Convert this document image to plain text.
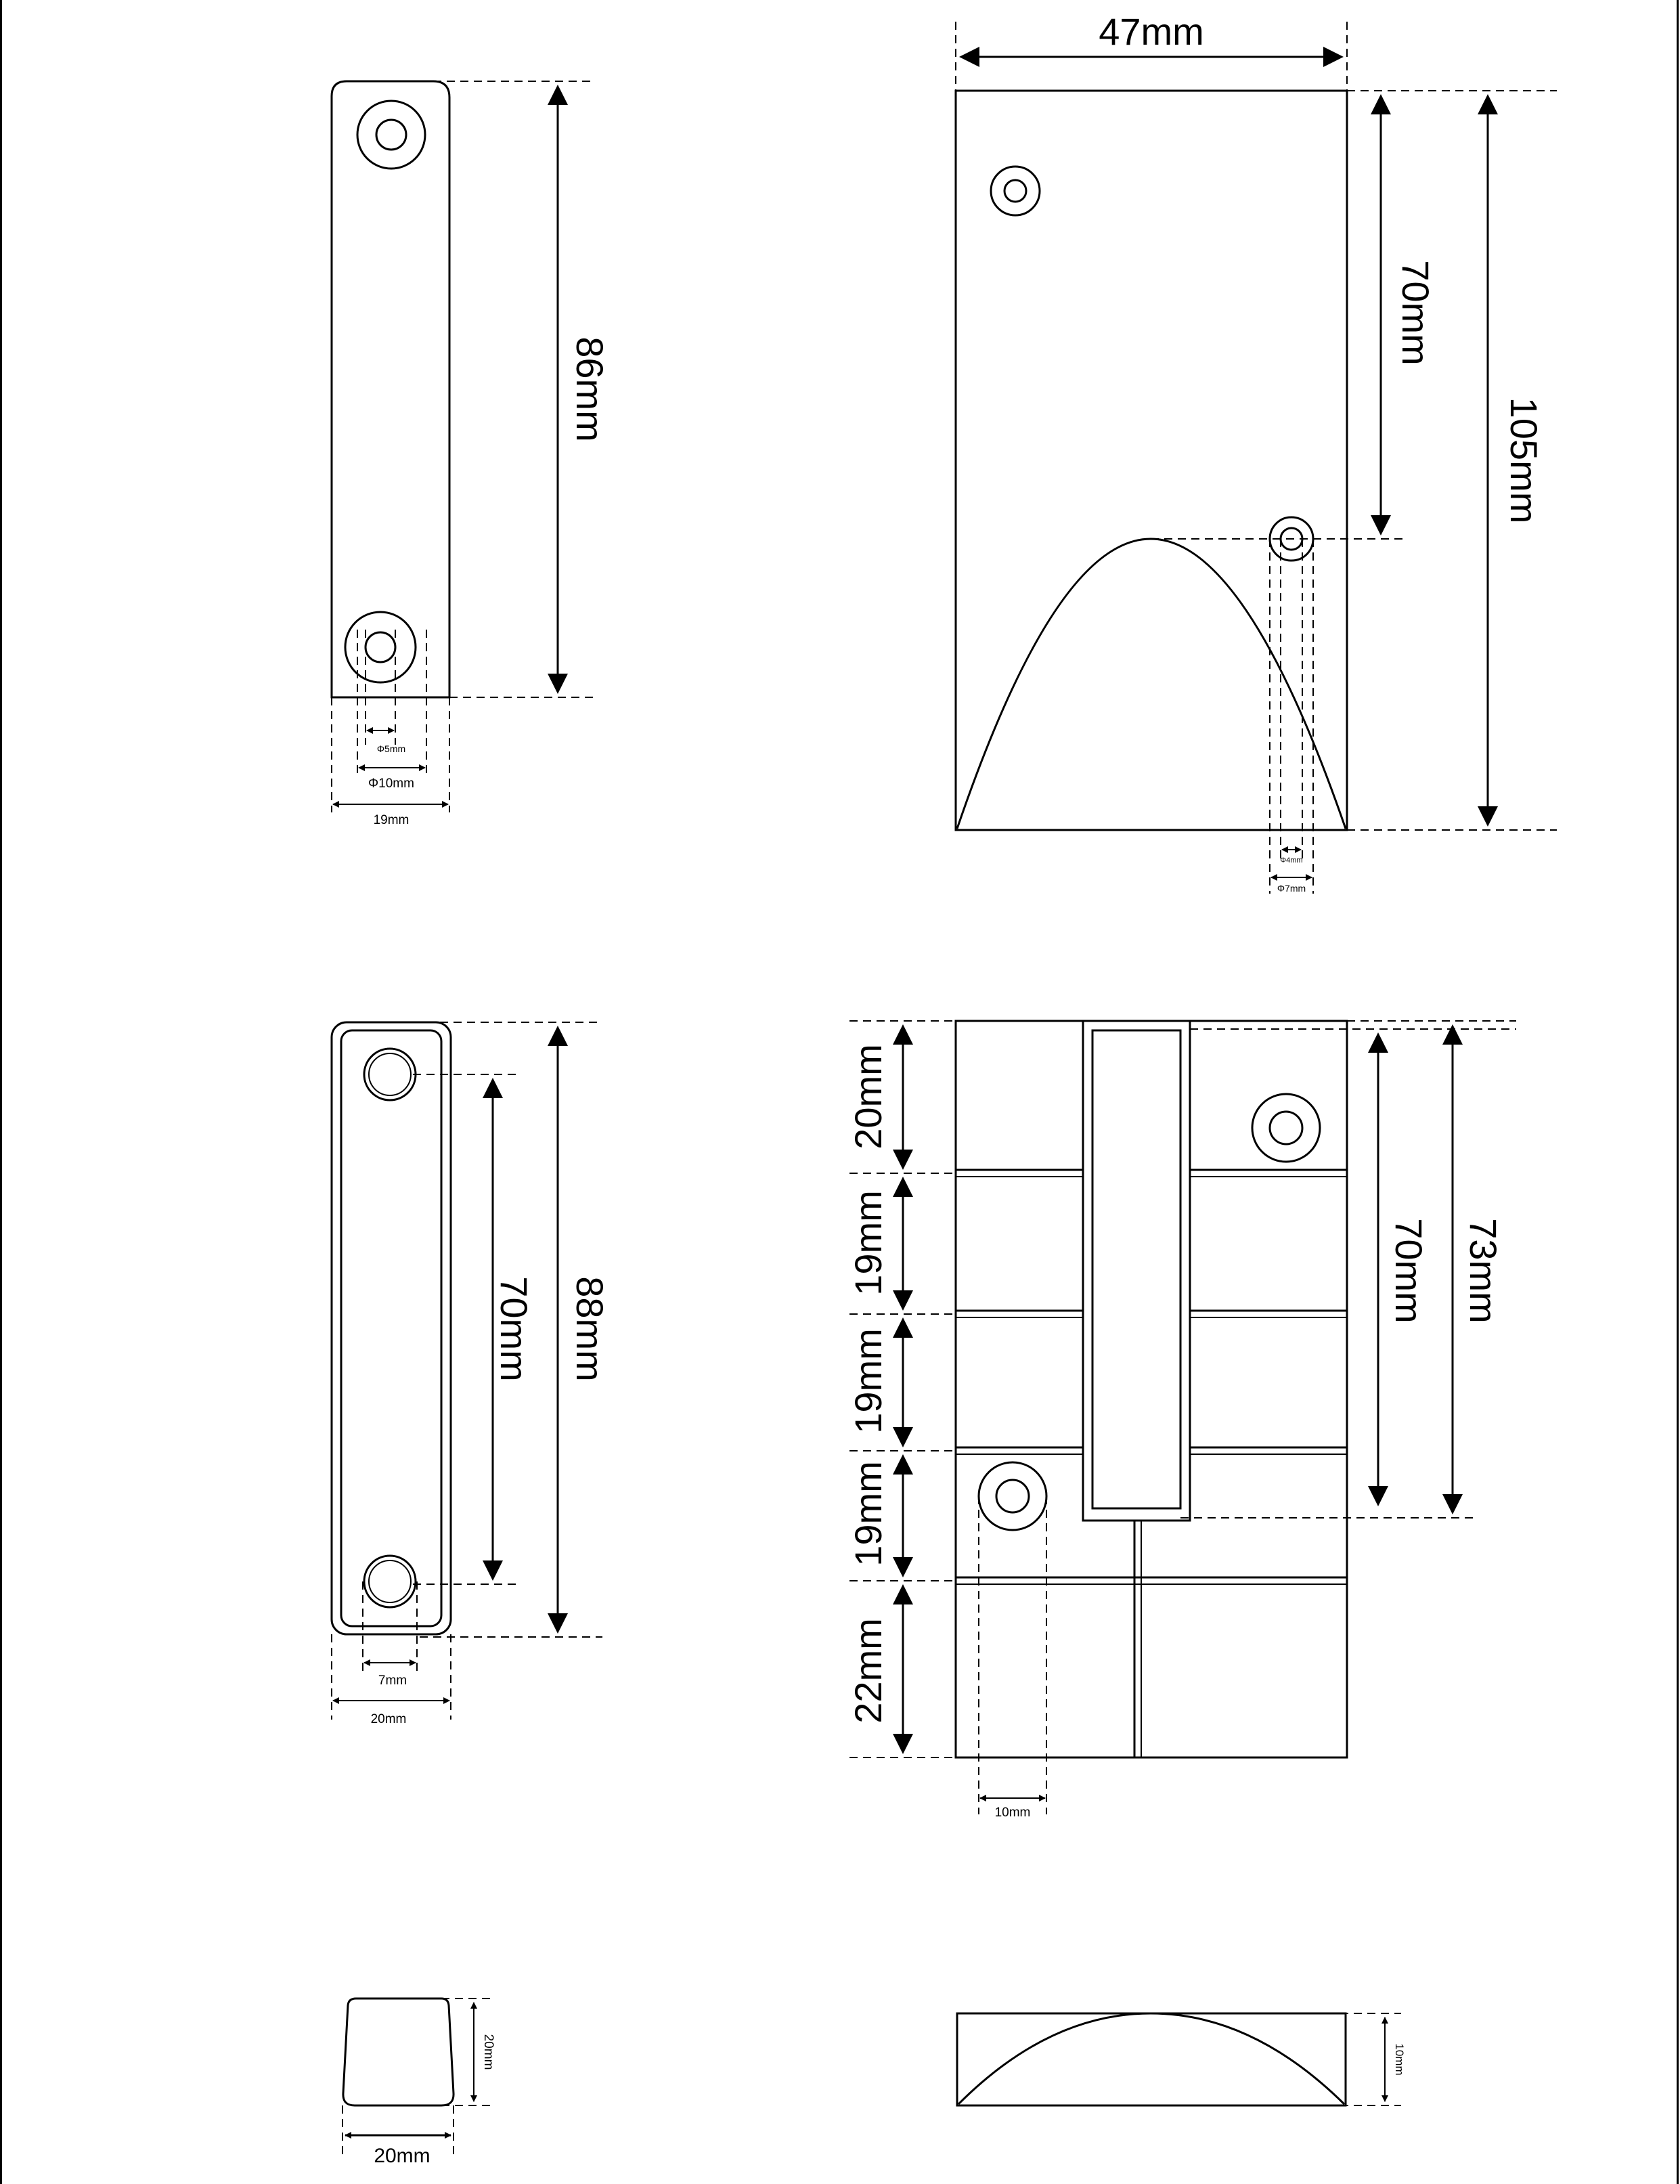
86mm
Φ5mm
Φ10mm
19mm
47mm
70mm
105mm
Φ4mm
Φ7mm
70mm 88mm
7mm
20mm
20mm
19mm
19mm
19mm
22mm
70mm 73mm
10mm
20mm
20mm
10mm
